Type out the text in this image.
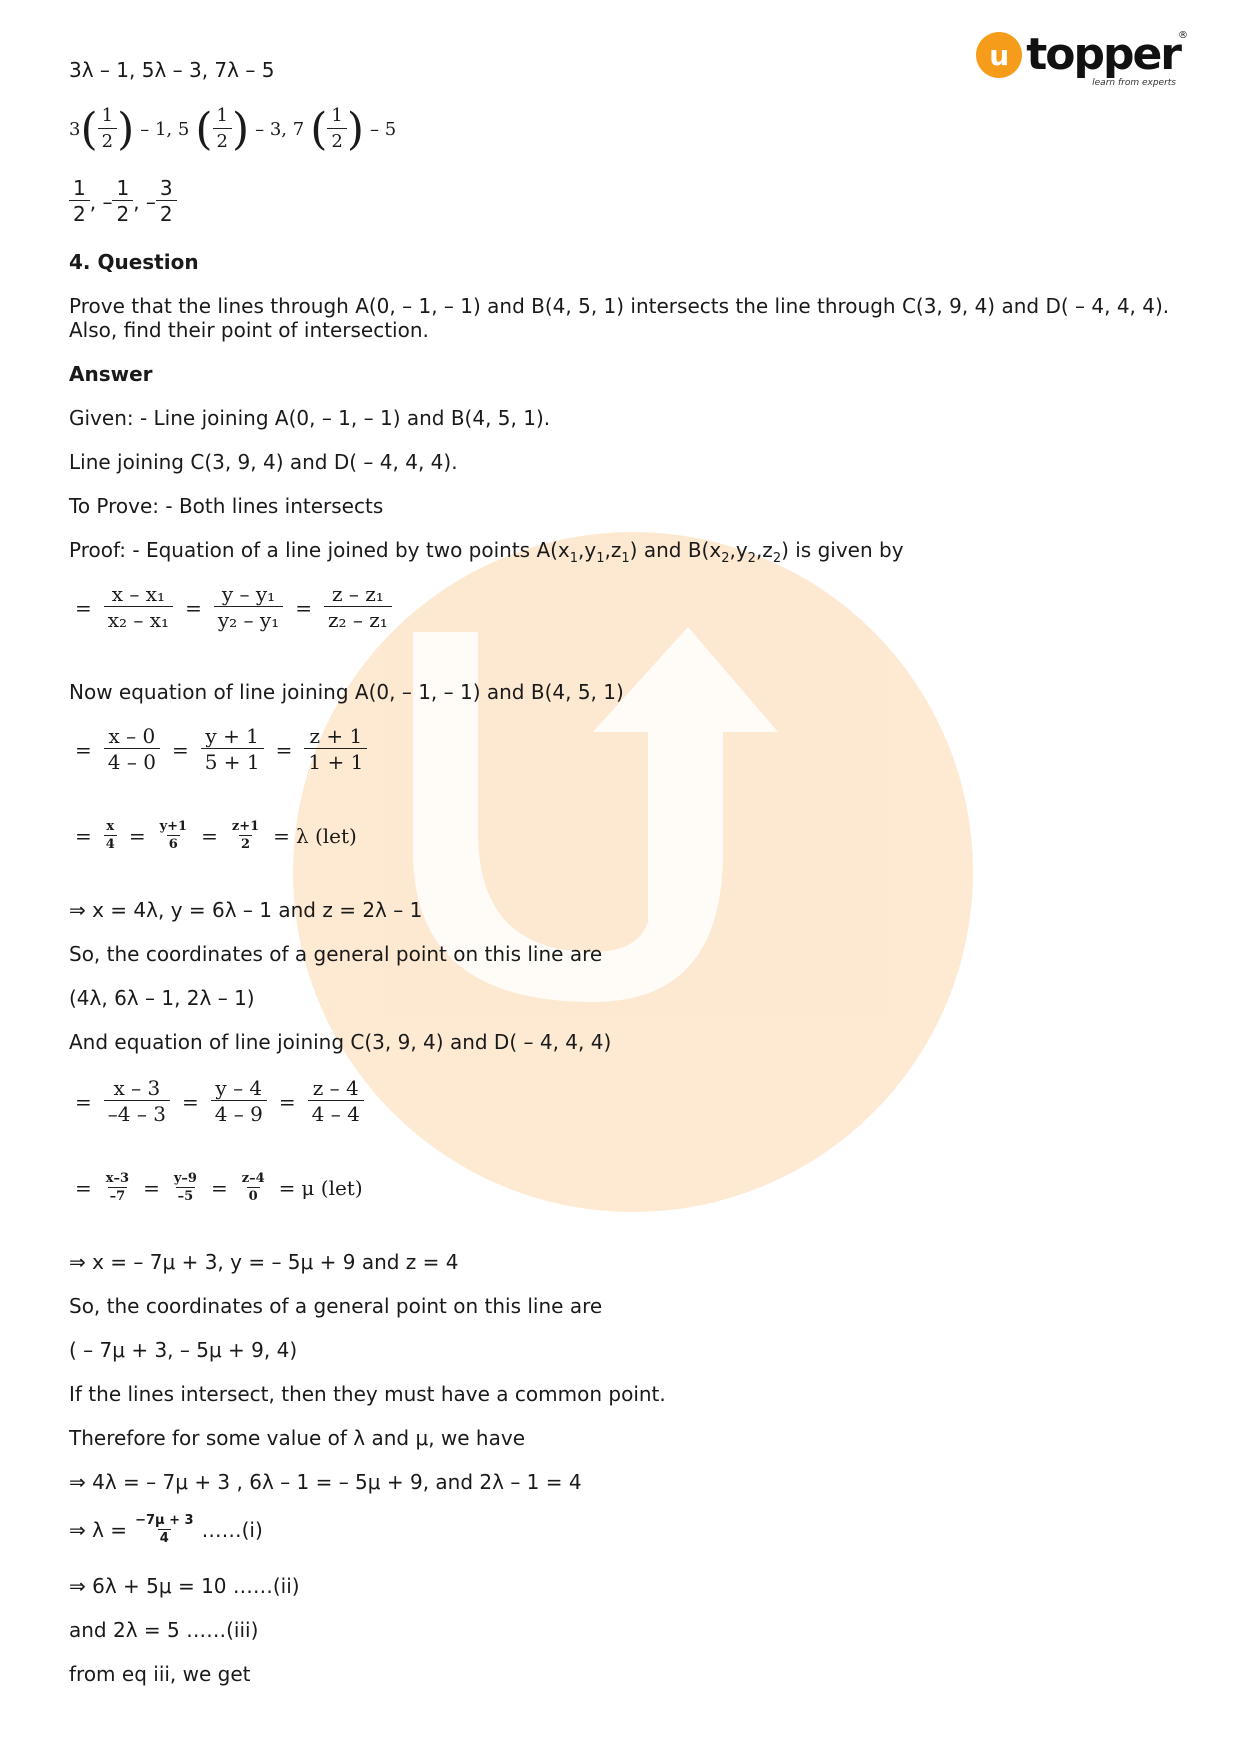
u topper
learn from experts
®
3λ – 1, 5λ – 3, 7λ – 5
3 ( $\frac{1}{2}$ ) – 1, 5 ( $\frac{1}{2}$ ) – 3, 7 ( $\frac{1}{2}$ ) – 5
$\frac{1}{2}$ , – $\frac{1}{2}$ , – $\frac{3}{2}$
4. Question
Prove that the lines through A(0, – 1, – 1) and B(4, 5, 1) intersects the line through C(3, 9, 4) and D( – 4, 4, 4).
Also, find their point of intersection.
Answer
Given: - Line joining A(0, – 1, – 1) and B(4, 5, 1).
Line joining C(3, 9, 4) and D( – 4, 4, 4).
To Prove: - Both lines intersects
Proof: - Equation of a line joined by two points $A(x_1,y_1,z_1)$ and $B(x_2,y_2,z_2)$ is given by
= $\frac{\text{x – x₁}}{\text{x₂ – x₁}} = \frac{\text{y – y₁}}{\text{y₂ – y₁}} = \frac{\text{z – z₁}}{\text{z₂ – z₁}}$
Now equation of line joining A(0, – 1, – 1) and B(4, 5, 1)
= $\frac{x - 0}{4 - 0} = \frac{y + 1}{5 + 1} = \frac{z + 1}{1 + 1}$
= $\frac{x}{4} = \frac{y+1}{6} = \frac{z+1}{2} = \lambda$ (let)
⇒ x = 4λ, y = 6λ – 1 and z = 2λ – 1
So, the coordinates of a general point on this line are
(4λ, 6λ – 1, 2λ – 1)
And equation of line joining C(3, 9, 4) and D( – 4, 4, 4)
= $\frac{x - 3}{-4 - 3} = \frac{y - 4}{4 - 9} = \frac{z - 4}{4 - 4}$
= $\frac{x-3}{-7} = \frac{y-9}{-5} = \frac{z-4}{0} = \mu$ (let)
⇒ x = – 7μ + 3, y = – 5μ + 9 and z = 4
So, the coordinates of a general point on this line are
( – 7μ + 3, – 5μ + 9, 4)
If the lines intersect, then they must have a common point.
Therefore for some value of λ and μ, we have
⇒ 4λ = – 7μ + 3 , 6λ – 1 = – 5μ + 9, and 2λ – 1 = 4
⇒ $\lambda = \frac{-7\mu + 3}{4}$ ……(i)
⇒ 6λ + 5μ = 10 ……(ii)
and 2λ = 5 ……(iii)
from eq iii, we get
